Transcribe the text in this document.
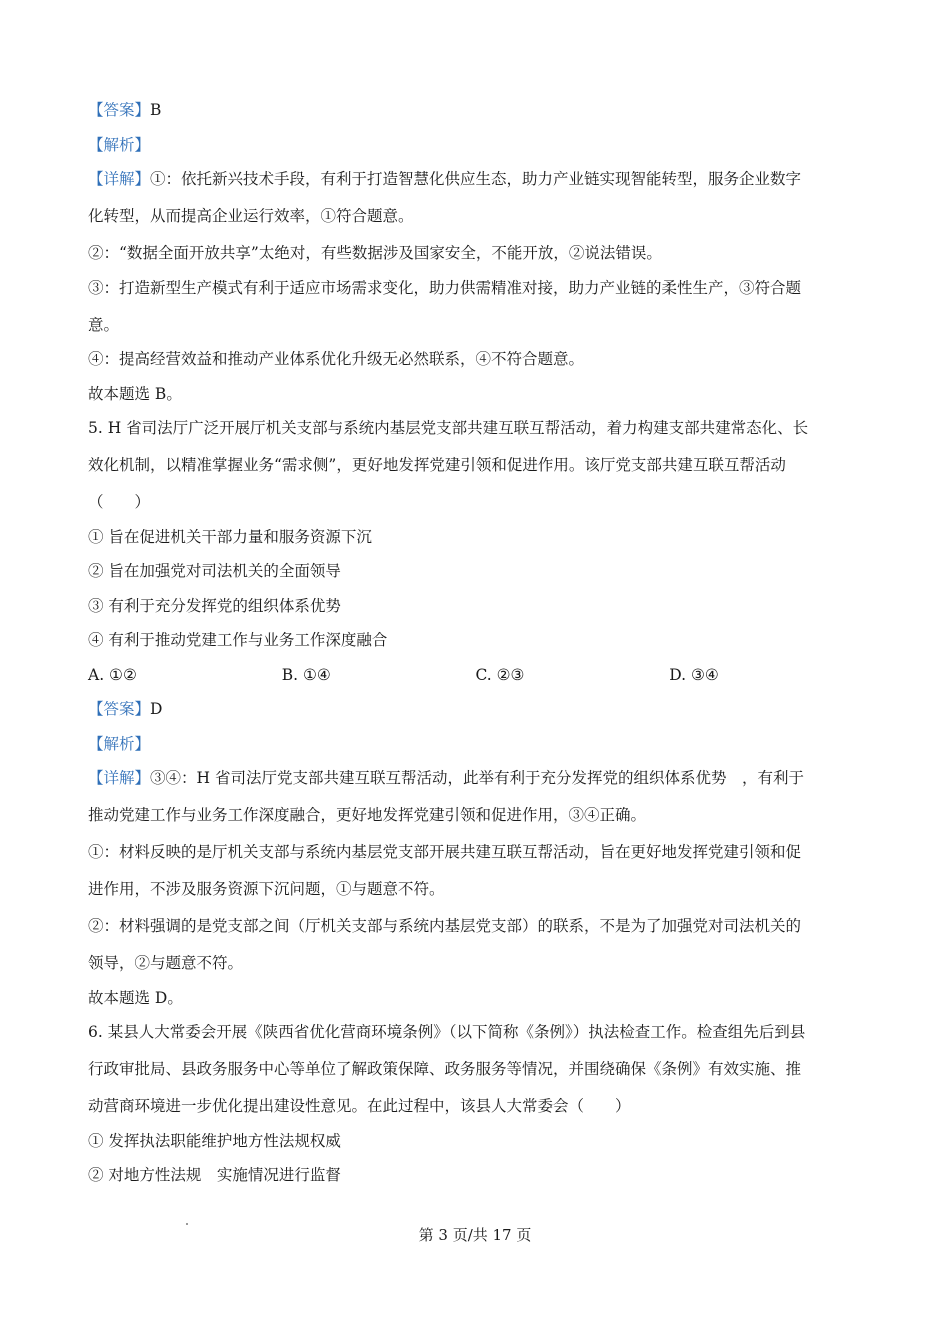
【答案】B
【解析】
【详解】①：依托新兴技术手段，有利于打造智慧化供应生态，助力产业链实现智能转型，服务企业数字
化转型，从而提高企业运行效率，①符合题意。
②：“数据全面开放共享”太绝对，有些数据涉及国家安全，不能开放，②说法错误。
③：打造新型生产模式有利于适应市场需求变化，助力供需精准对接，助力产业链的柔性生产，③符合题
意。
④：提高经营效益和推动产业体系优化升级无必然联系，④不符合题意。
故本题选 B。
5. H 省司法厅广泛开展厅机关支部与系统内基层党支部共建互联互帮活动，着力构建支部共建常态化、长
效化机制，以精准掌握业务“需求侧”，更好地发挥党建引领和促进作用。该厅党支部共建互联互帮活动
（　　）
① 旨在促进机关干部力量和服务资源下沉
② 旨在加强党对司法机关的全面领导
③ 有利于充分发挥党的组织体系优势
④ 有利于推动党建工作与业务工作深度融合
A. ①②	B. ①④	C. ②③	D. ③④
【答案】D
【解析】
【详解】③④：H 省司法厅党支部共建互联互帮活动，此举有利于充分发挥党的组织体系优势　，有利于
推动党建工作与业务工作深度融合，更好地发挥党建引领和促进作用，③④正确。
①：材料反映的是厅机关支部与系统内基层党支部开展共建互联互帮活动，旨在更好地发挥党建引领和促
进作用，不涉及服务资源下沉问题，①与题意不符。
②：材料强调的是党支部之间（厅机关支部与系统内基层党支部）的联系，不是为了加强党对司法机关的
领导，②与题意不符。
故本题选 D。
6. 某县人大常委会开展《陕西省优化营商环境条例》（以下简称《条例》）执法检查工作。检查组先后到县
行政审批局、县政务服务中心等单位了解政策保障、政务服务等情况，并围绕确保《条例》有效实施、推
动营商环境进一步优化提出建设性意见。在此过程中，该县人大常委会（　　）
① 发挥执法职能维护地方性法规权威
② 对地方性法规　实施情况进行监督
第 3 页/共 17 页
